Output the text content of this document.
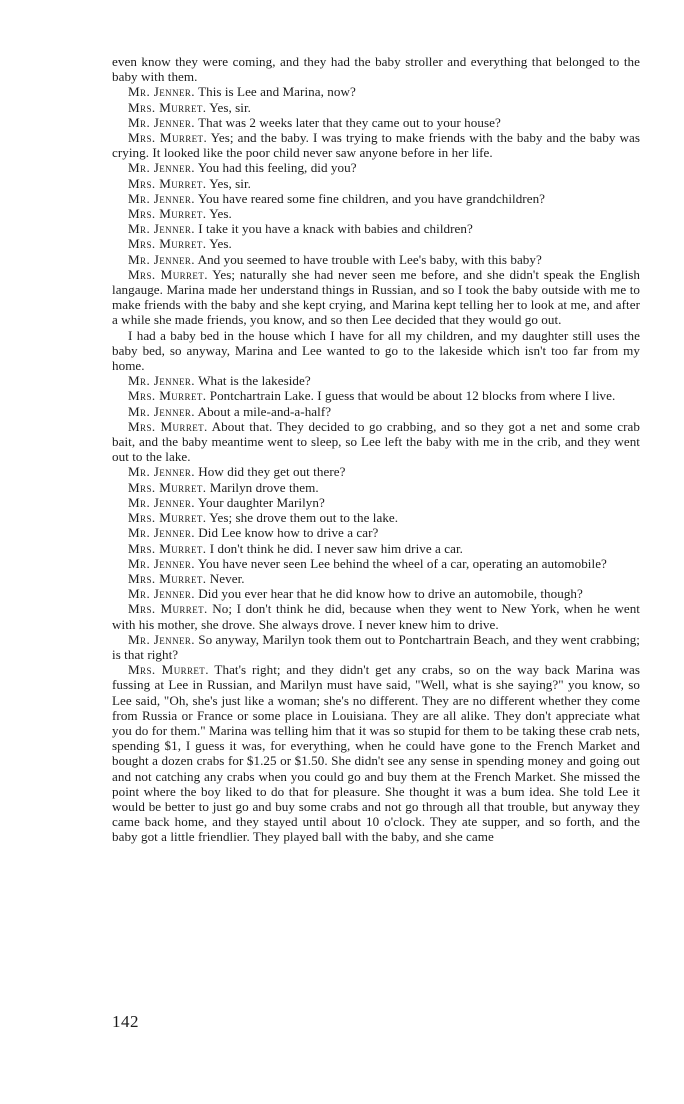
even know they were coming, and they had the baby stroller and everything that belonged to the baby with them.

Mr. Jenner. This is Lee and Marina, now?

Mrs. Murret. Yes, sir.

Mr. Jenner. That was 2 weeks later that they came out to your house?

Mrs. Murret. Yes; and the baby. I was trying to make friends with the baby and the baby was crying. It looked like the poor child never saw anyone before in her life.

Mr. Jenner. You had this feeling, did you?

Mrs. Murret. Yes, sir.

Mr. Jenner. You have reared some fine children, and you have grandchildren?

Mrs. Murret. Yes.

Mr. Jenner. I take it you have a knack with babies and children?

Mrs. Murret. Yes.

Mr. Jenner. And you seemed to have trouble with Lee's baby, with this baby?

Mrs. Murret. Yes; naturally she had never seen me before, and she didn't speak the English langauge. Marina made her understand things in Russian, and so I took the baby outside with me to make friends with the baby and she kept crying, and Marina kept telling her to look at me, and after a while she made friends, you know, and so then Lee decided that they would go out.

I had a baby bed in the house which I have for all my children, and my daughter still uses the baby bed, so anyway, Marina and Lee wanted to go to the lakeside which isn't too far from my home.

Mr. Jenner. What is the lakeside?

Mrs. Murret. Pontchartrain Lake. I guess that would be about 12 blocks from where I live.

Mr. Jenner. About a mile-and-a-half?

Mrs. Murret. About that. They decided to go crabbing, and so they got a net and some crab bait, and the baby meantime went to sleep, so Lee left the baby with me in the crib, and they went out to the lake.

Mr. Jenner. How did they get out there?

Mrs. Murret. Marilyn drove them.

Mr. Jenner. Your daughter Marilyn?

Mrs. Murret. Yes; she drove them out to the lake.

Mr. Jenner. Did Lee know how to drive a car?

Mrs. Murret. I don't think he did. I never saw him drive a car.

Mr. Jenner. You have never seen Lee behind the wheel of a car, operating an automobile?

Mrs. Murret. Never.

Mr. Jenner. Did you ever hear that he did know how to drive an automobile, though?

Mrs. Murret. No; I don't think he did, because when they went to New York, when he went with his mother, she drove. She always drove. I never knew him to drive.

Mr. Jenner. So anyway, Marilyn took them out to Pontchartrain Beach, and they went crabbing; is that right?

Mrs. Murret. That's right; and they didn't get any crabs, so on the way back Marina was fussing at Lee in Russian, and Marilyn must have said, "Well, what is she saying?" you know, so Lee said, "Oh, she's just like a woman; she's no different. They are no different whether they come from Russia or France or some place in Louisiana. They are all alike. They don't appreciate what you do for them." Marina was telling him that it was so stupid for them to be taking these crab nets, spending $1, I guess it was, for everything, when he could have gone to the French Market and bought a dozen crabs for $1.25 or $1.50. She didn't see any sense in spending money and going out and not catching any crabs when you could go and buy them at the French Market. She missed the point where the boy liked to do that for pleasure. She thought it was a bum idea. She told Lee it would be better to just go and buy some crabs and not go through all that trouble, but anyway they came back home, and they stayed until about 10 o'clock. They ate supper, and so forth, and the baby got a little friendlier. They played ball with the baby, and she came

142
